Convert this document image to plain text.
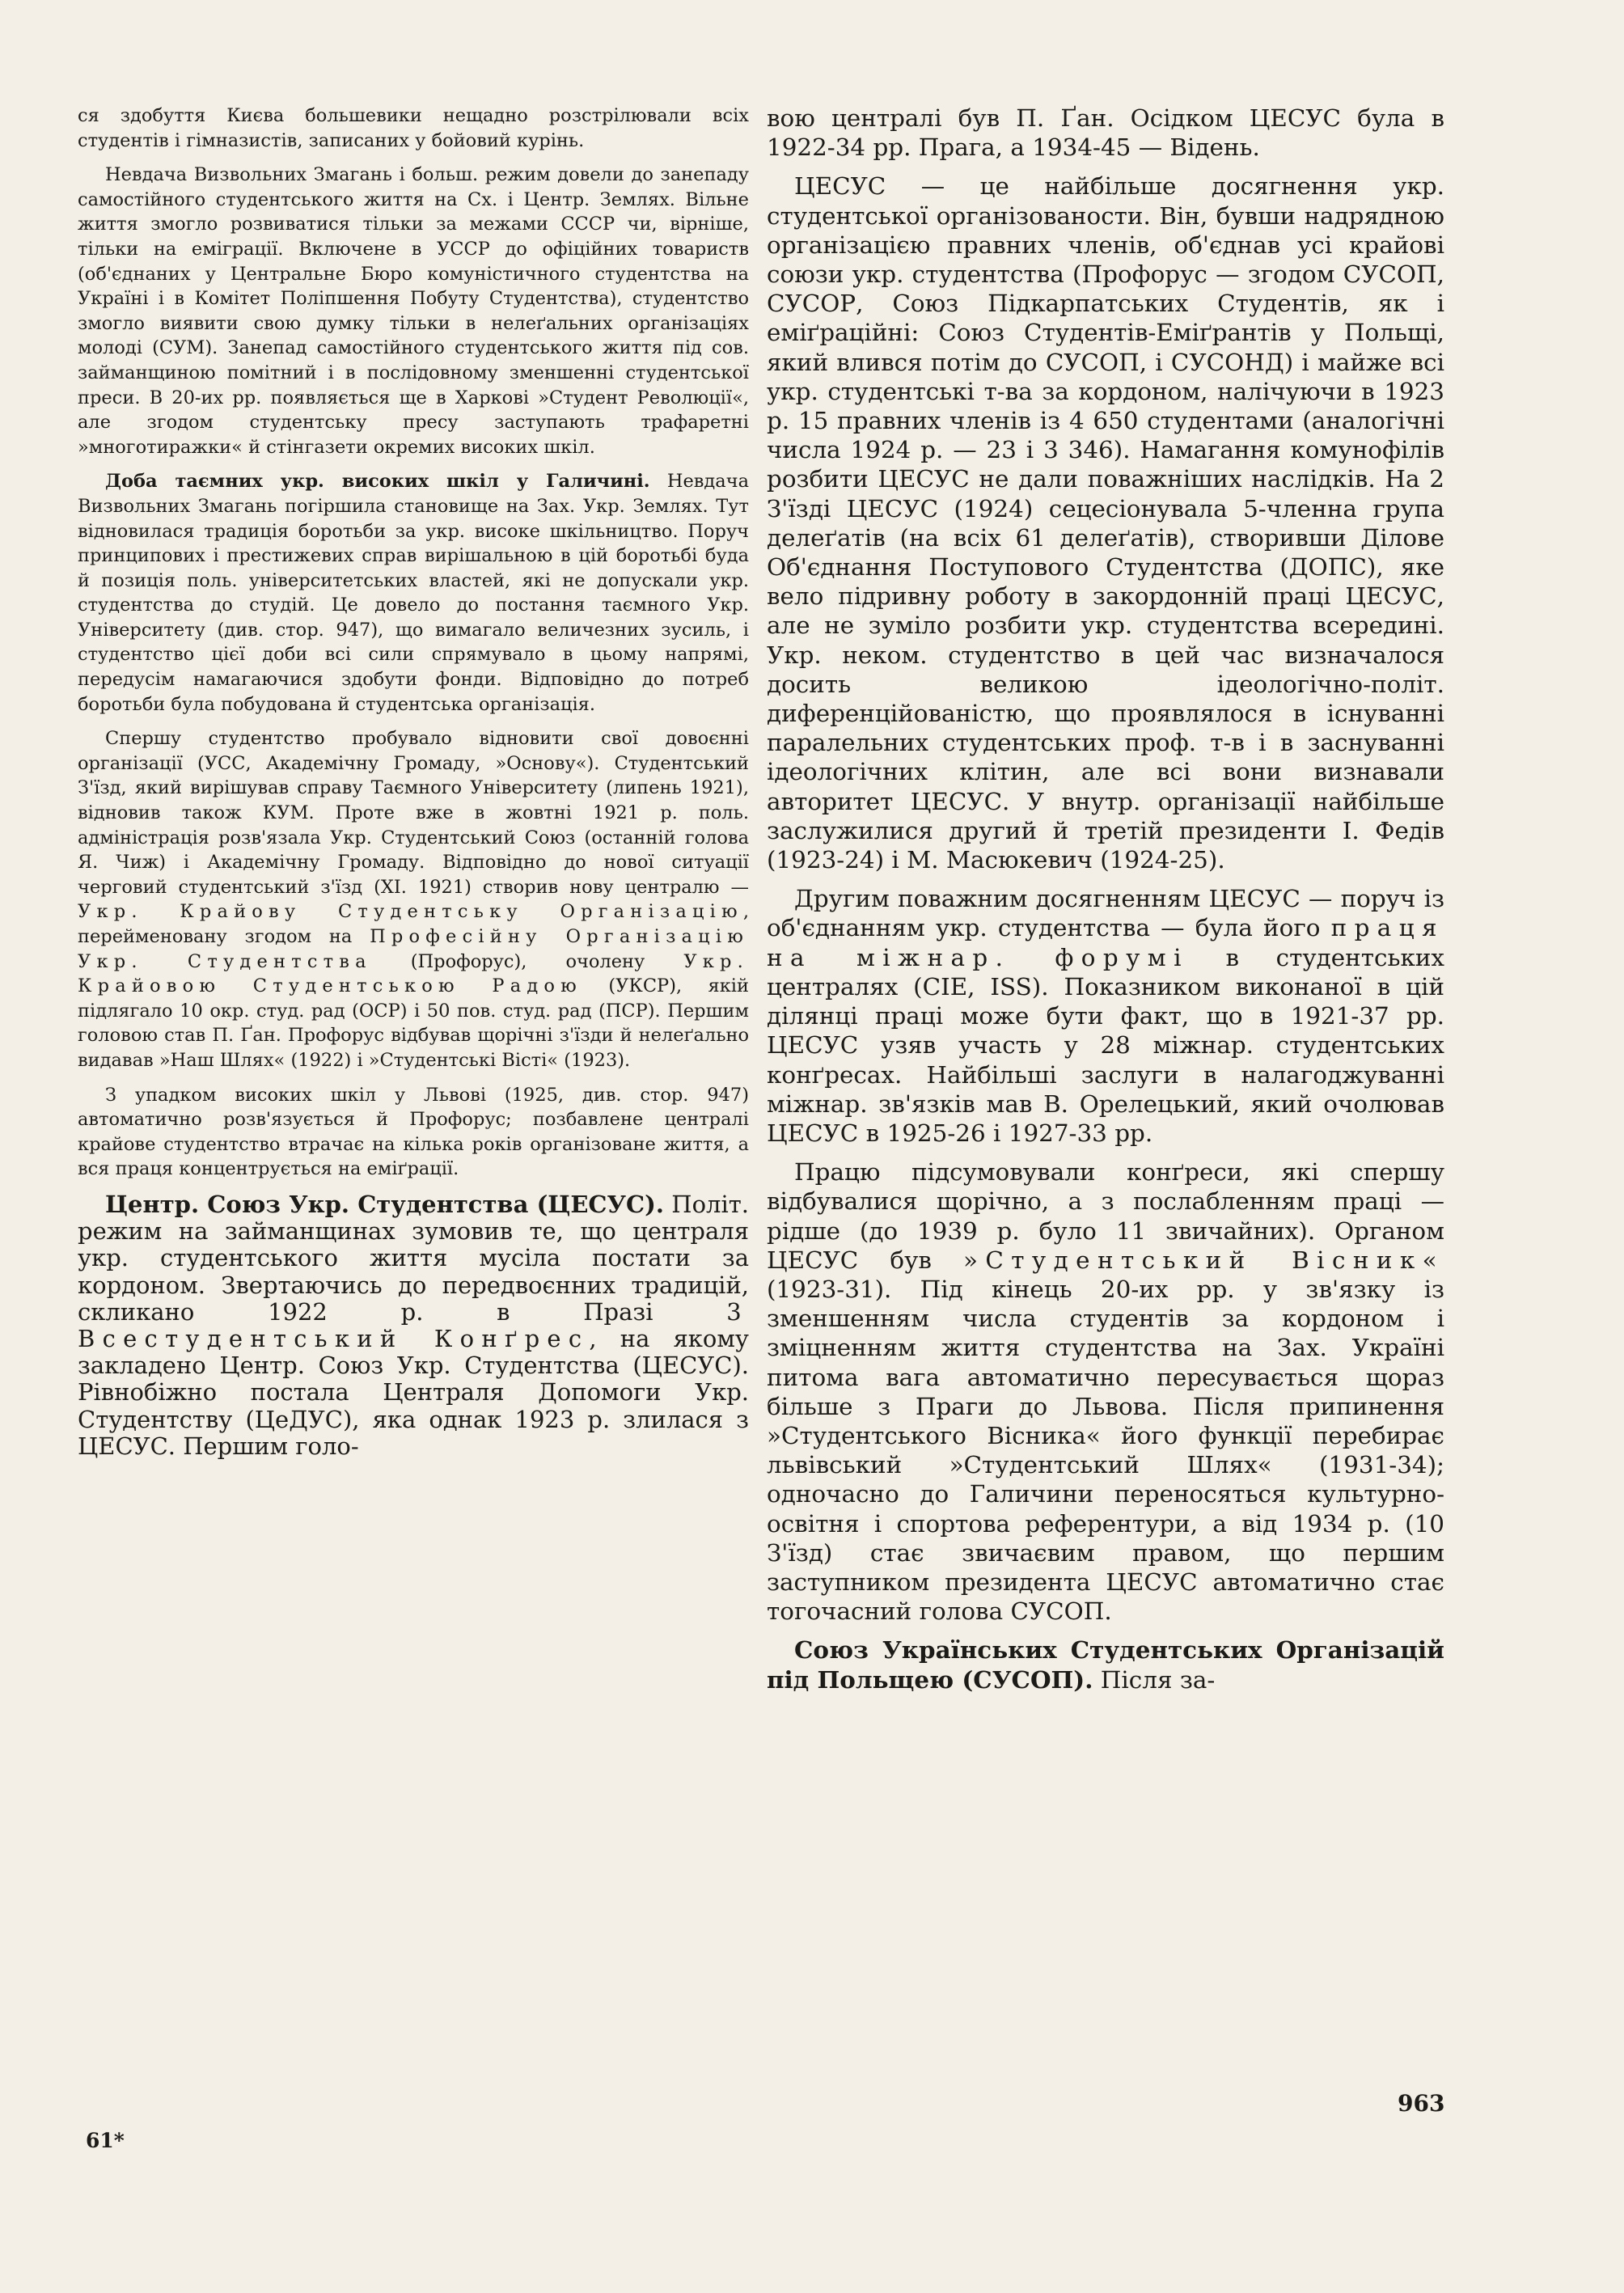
ся здобуття Києва большевики нещадно розстрілювали всіх студентів і гімназистів, записаних у бойовий курінь.

Невдача Визвольних Змагань і больш. режим довели до занепаду самостійного студентського життя на Сх. і Центр. Землях. Вільне життя змогло розвиватися тільки за межами СССР чи, вірніше, тільки на еміграції. Включене в УССР до офіційних товариств (об'єднаних у Центральне Бюро комуністичного студентства на Україні і в Комітет Поліпшення Побуту Студентства), студентство змогло виявити свою думку тільки в нелеґальних організаціях молоді (СУМ). Занепад самостійного студентського життя під сов. займанщиною помітний і в послідовному зменшенні студентської преси. В 20-их рр. появляється ще в Харкові »Студент Революції«, але згодом студентську пресу заступають трафаретні »многотиражки« й стінгазети окремих високих шкіл.

Доба таємних укр. високих шкіл у Галичині. Невдача Визвольних Змагань погіршила становище на Зах. Укр. Землях. Тут відновилася традиція боротьби за укр. високе шкільництво. Поруч принципових і престижевих справ вирішальною в цій боротьбі буда й позиція поль. університетських властей, які не допускали укр. студентства до студій. Це довело до постання таємного Укр. Університету (див. стор. 947), що вимагало величезних зусиль, і студентство цієї доби всі сили спрямувало в цьому напрямі, передусім намагаючися здобути фонди. Відповідно до потреб боротьби була побудована й студентська організація.

Спершу студентство пробувало відновити свої довоєнні організації (УСС, Академічну Громаду, »Основу«). Студентський З'їзд, який вирішував справу Таємного Університету (липень 1921), відновив також КУМ. Проте вже в жовтні 1921 р. поль. адміністрація розв'язала Укр. Студентський Союз (останній голова Я. Чиж) і Академічну Громаду. Відповідно до нової ситуації черговий студентський з'їзд (XI. 1921) створив нову централю — Укр. Крайову Студентську Організацію, перейменовану згодом на Професійну Організацію Укр. Студентства (Профорус), очолену Укр. Крайовою Студентською Радою (УКСР), якій підлягало 10 окр. студ. рад (ОСР) і 50 пов. студ. рад (ПСР). Першим головою став П. Ґан. Профорус відбував щорічні з'їзди й нелеґально видавав »Наш Шлях« (1922) і »Студентські Вісті« (1923).

З упадком високих шкіл у Львові (1925, див. стор. 947) автоматично розв'язується й Профорус; позбавлене централі крайове студентство втрачає на кілька років організоване життя, а вся праця концентрується на еміґрації.

Центр. Союз Укр. Студентства (ЦЕСУС). Політ. режим на займанщинах зумовив те, що централя укр. студентського життя мусіла постати за кордоном. Звертаючись до передвоєнних традицій, скликано 1922 р. в Празі 3 Всестудентський Конґрес, на якому закладено Центр. Союз Укр. Студентства (ЦЕСУС). Рівнобіжно постала Централя Допомоги Укр. Студентству (ЦеДУС), яка однак 1923 р. злилася з ЦЕСУС. Першим голо-

вою централі був П. Ґан. Осідком ЦЕСУС була в 1922-34 рр. Прага, а 1934-45 — Відень.

ЦЕСУС — це найбільше досягнення укр. студентської організованости. Він, бувши надрядною організацією правних членів, об'єднав усі крайові союзи укр. студентства (Профорус — згодом СУСОП, СУСОР, Союз Підкарпатських Студентів, як і еміґраційні: Союз Студентів-Еміґрантів у Польщі, який влився потім до СУСОП, і СУСОНД) і майже всі укр. студентські т-ва за кордоном, налічуючи в 1923 р. 15 правних членів із 4 650 студентами (аналогічні числа 1924 р. — 23 і 3 346). Намагання комунофілів розбити ЦЕСУС не дали поважніших наслідків. На 2 З'їзді ЦЕСУС (1924) сецесіонувала 5-членна група делеґатів (на всіх 61 делеґатів), створивши Ділове Об'єднання Поступового Студентства (ДОПС), яке вело підривну роботу в закордонній праці ЦЕСУС, але не зуміло розбити укр. студентства всередині. Укр. неком. студентство в цей час визначалося досить великою ідеологічно-політ. диференційованістю, що проявлялося в існуванні паралельних студентських проф. т-в і в заснуванні ідеологічних клітин, але всі вони визнавали авторитет ЦЕСУС. У внутр. організації найбільше заслужилися другий й третій президенти І. Федів (1923-24) і М. Масюкевич (1924-25).

Другим поважним досягненням ЦЕСУС — поруч із об'єднанням укр. студентства — була його праця на міжнар. форумі в студентських централях (CIE, ISS). Показником виконаної в цій ділянці праці може бути факт, що в 1921-37 рр. ЦЕСУС узяв участь у 28 міжнар. студентських конґресах. Найбільші заслуги в налагоджуванні міжнар. зв'язків мав В. Орелецький, який очолював ЦЕСУС в 1925-26 і 1927-33 рр.

Працю підсумовували конґреси, які спершу відбувалися щорічно, а з послабленням праці — рідше (до 1939 р. було 11 звичайних). Органом ЦЕСУС був »Студентський Вісник« (1923-31). Під кінець 20-их рр. у зв'язку із зменшенням числа студентів за кордоном і зміцненням життя студентства на Зах. Україні питома вага автоматично пересувається щораз більше з Праги до Львова. Після припинення »Студентського Вісника« його функції перебирає львівський »Студентський Шлях« (1931-34); одночасно до Галичини переносяться культурно-освітня і спортова референтури, а від 1934 р. (10 З'їзд) стає звичаєвим правом, що першим заступником президента ЦЕСУС автоматично стає тогочасний голова СУСОП.

Союз Українських Студентських Організацій під Польщею (СУСОП). Після за-

963
61*
